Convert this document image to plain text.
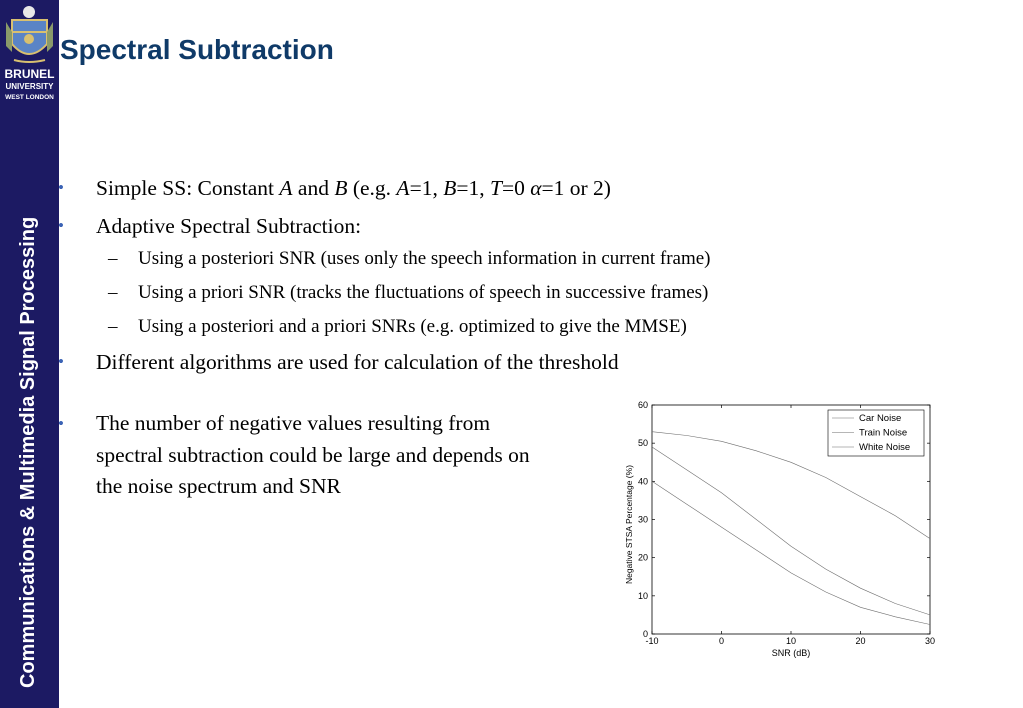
BRUNEL
UNIVERSITY
WEST LONDON
Communications & Multimedia Signal Processing
Spectral Subtraction
• Simple SS: Constant A and B (e.g. A=1, B=1, T=0 α=1 or 2)
• Adaptive Spectral Subtraction:
– Using a posteriori SNR (uses only the speech information in current frame)
– Using a priori SNR (tracks the fluctuations of speech in successive frames)
– Using a posteriori and a priori SNRs (e.g. optimized to give the MMSE)
• Different algorithms are used for calculation of the threshold
• The number of negative values resulting from spectral subtraction could be large and depends on the noise spectrum and SNR
-10	0	10	20	30
0
10
20
30
40
50
60
SNR (dB)
Negative STSA Percentage (%)
Car Noise
Train Noise
White Noise
